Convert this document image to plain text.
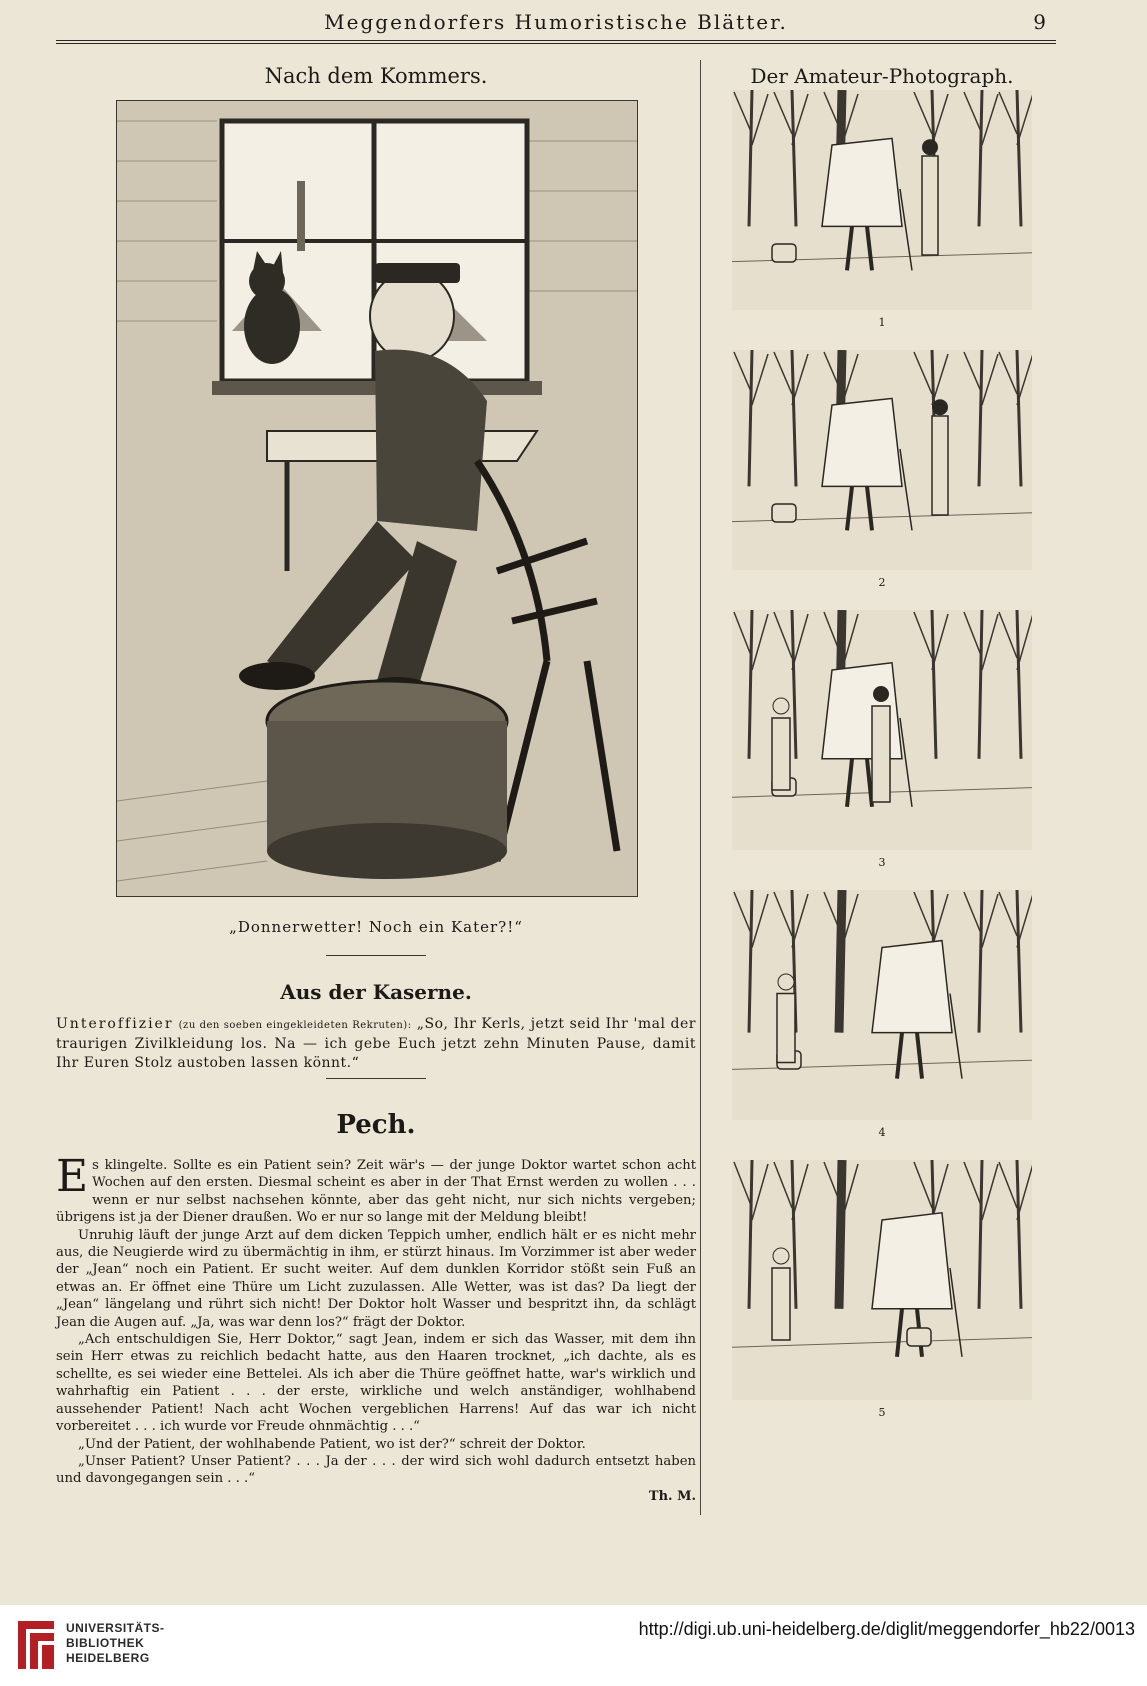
Meggendorfers Humoristische Blätter.	9
Nach dem Kommers.
„Donnerwetter! Noch ein Kater?!“
Aus der Kaserne.
Unteroffizier (zu den soeben eingekleideten Rekruten): „So, Ihr Kerls, jetzt seid Ihr 'mal der traurigen Zivilkleidung los. Na — ich gebe Euch jetzt zehn Minuten Pause, damit Ihr Euren Stolz austoben lassen könnt.“
Pech.

Es klingelte. Sollte es ein Patient sein? Zeit wär's — der junge Doktor wartet schon acht Wochen auf den ersten. Diesmal scheint es aber in der That Ernst werden zu wollen . . . wenn er nur selbst nachsehen könnte, aber das geht nicht, nur sich nichts vergeben; übrigens ist ja der Diener draußen. Wo er nur so lange mit der Meldung bleibt!

Unruhig läuft der junge Arzt auf dem dicken Teppich umher, endlich hält er es nicht mehr aus, die Neugierde wird zu übermächtig in ihm, er stürzt hinaus. Im Vorzimmer ist aber weder der „Jean“ noch ein Patient. Er sucht weiter. Auf dem dunklen Korridor stößt sein Fuß an etwas an. Er öffnet eine Thüre um Licht zuzulassen. Alle Wetter, was ist das? Da liegt der „Jean“ längelang und rührt sich nicht! Der Doktor holt Wasser und bespritzt ihn, da schlägt Jean die Augen auf. „Ja, was war denn los?“ frägt der Doktor.

„Ach entschuldigen Sie, Herr Doktor,“ sagt Jean, indem er sich das Wasser, mit dem ihn sein Herr etwas zu reichlich bedacht hatte, aus den Haaren trocknet, „ich dachte, als es schellte, es sei wieder eine Bettelei. Als ich aber die Thüre geöffnet hatte, war's wirklich und wahrhaftig ein Patient . . . der erste, wirkliche und welch anständiger, wohlhabend aussehender Patient! Nach acht Wochen vergeblichen Harrens! Auf das war ich nicht vorbereitet . . . ich wurde vor Freude ohnmächtig . . .“

„Und der Patient, der wohlhabende Patient, wo ist der?“ schreit der Doktor.

„Unser Patient? Unser Patient? . . . Ja der . . . der wird sich wohl dadurch entsetzt haben und davongegangen sein . . .“

Th. M.
Der Amateur-Photograph.
1
2
3
4
5
UNIVERSITÄTS-
BIBLIOTHEK
HEIDELBERG
http://digi.ub.uni-heidelberg.de/diglit/meggendorfer_hb22/0013
